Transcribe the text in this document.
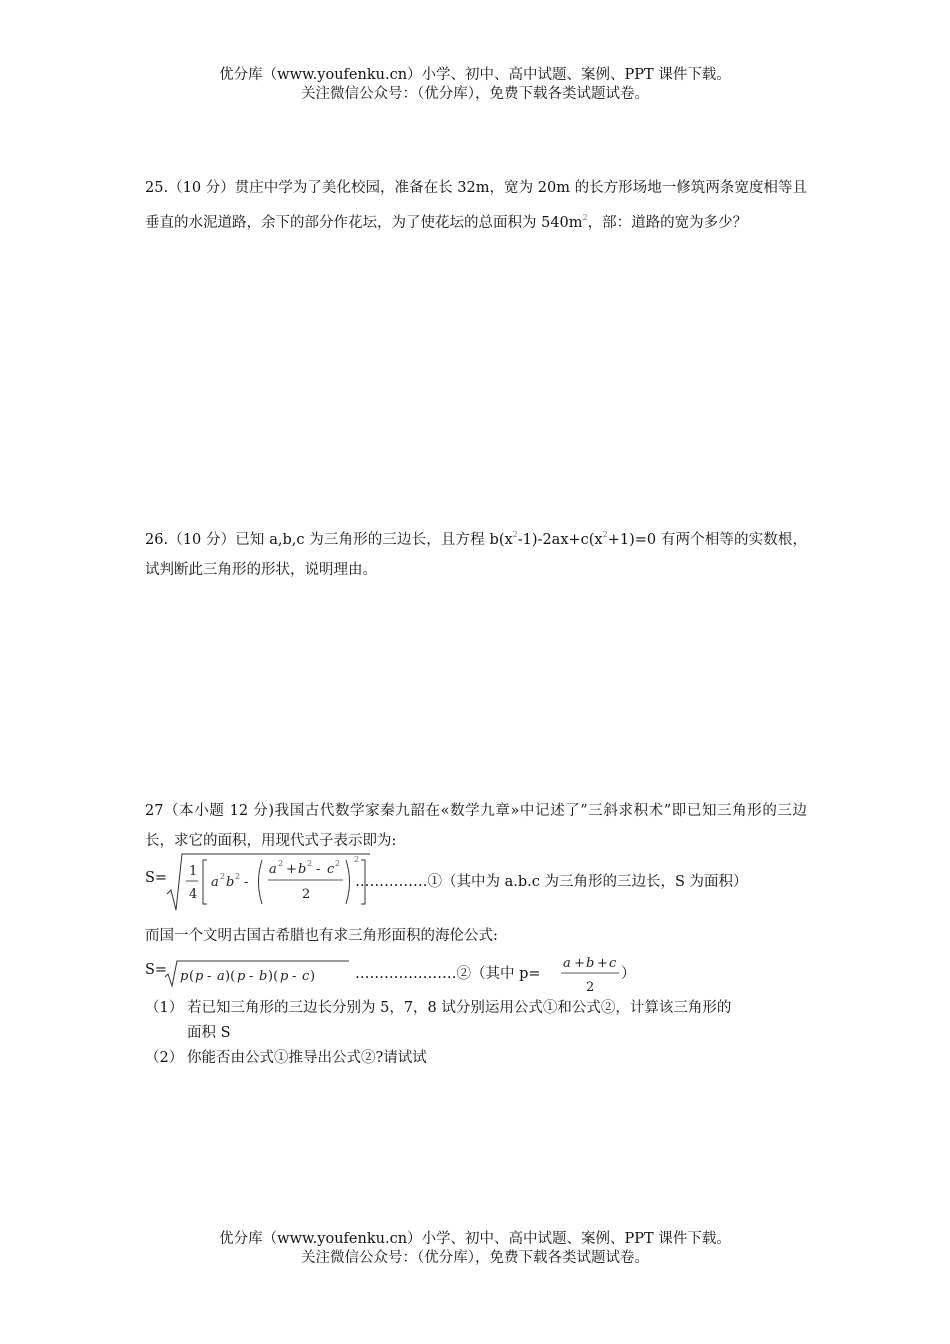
优分库（www.youfenku.cn）小学、初中、高中试题、案例、PPT 课件下载。
关注微信公众号：（优分库），免费下载各类试题试卷。

25.（10 分）贯庄中学为了美化校园，准备在长 32m，宽为 20m 的长方形场地一修筑两条宽度相等且垂直的水泥道路，余下的部分作花坛，为了使花坛的总面积为 $540m^2$，部：道路的宽为多少？

26.（10 分）已知 a,b,c 为三角形的三边长，且方程 $b(x^2-1)-2ax+c(x^2+1)=0$ 有两个相等的实数根，试判断此三角形的形状，说明理由。

27（本小题 12 分)我国古代数学家秦九韶在«数学九章»中记述了”三斜求积术”即已知三角形的三边长，求它的面积，用现代式子表示即为:

S= 1
4
a 2 b 2 -
a 2 + b 2 - c 2
2
2
……………①（其中为 a.b.c 为三角形的三边长，S 为面积）
而国一个文明古国古希腊也有求三角形面积的海伦公式:
S= p ( p - a )( p - b )( p - c )	…………………②（其中 p=
a + b + c
2
）
（1） 若已知三角形的三边长分别为 5，7，8 试分别运用公式①和公式②，计算该三角形的
面积 S
（2） 你能否由公式①推导出公式②?请试试
优分库（www.youfenku.cn）小学、初中、高中试题、案例、PPT 课件下载。
关注微信公众号：（优分库），免费下载各类试题试卷。
